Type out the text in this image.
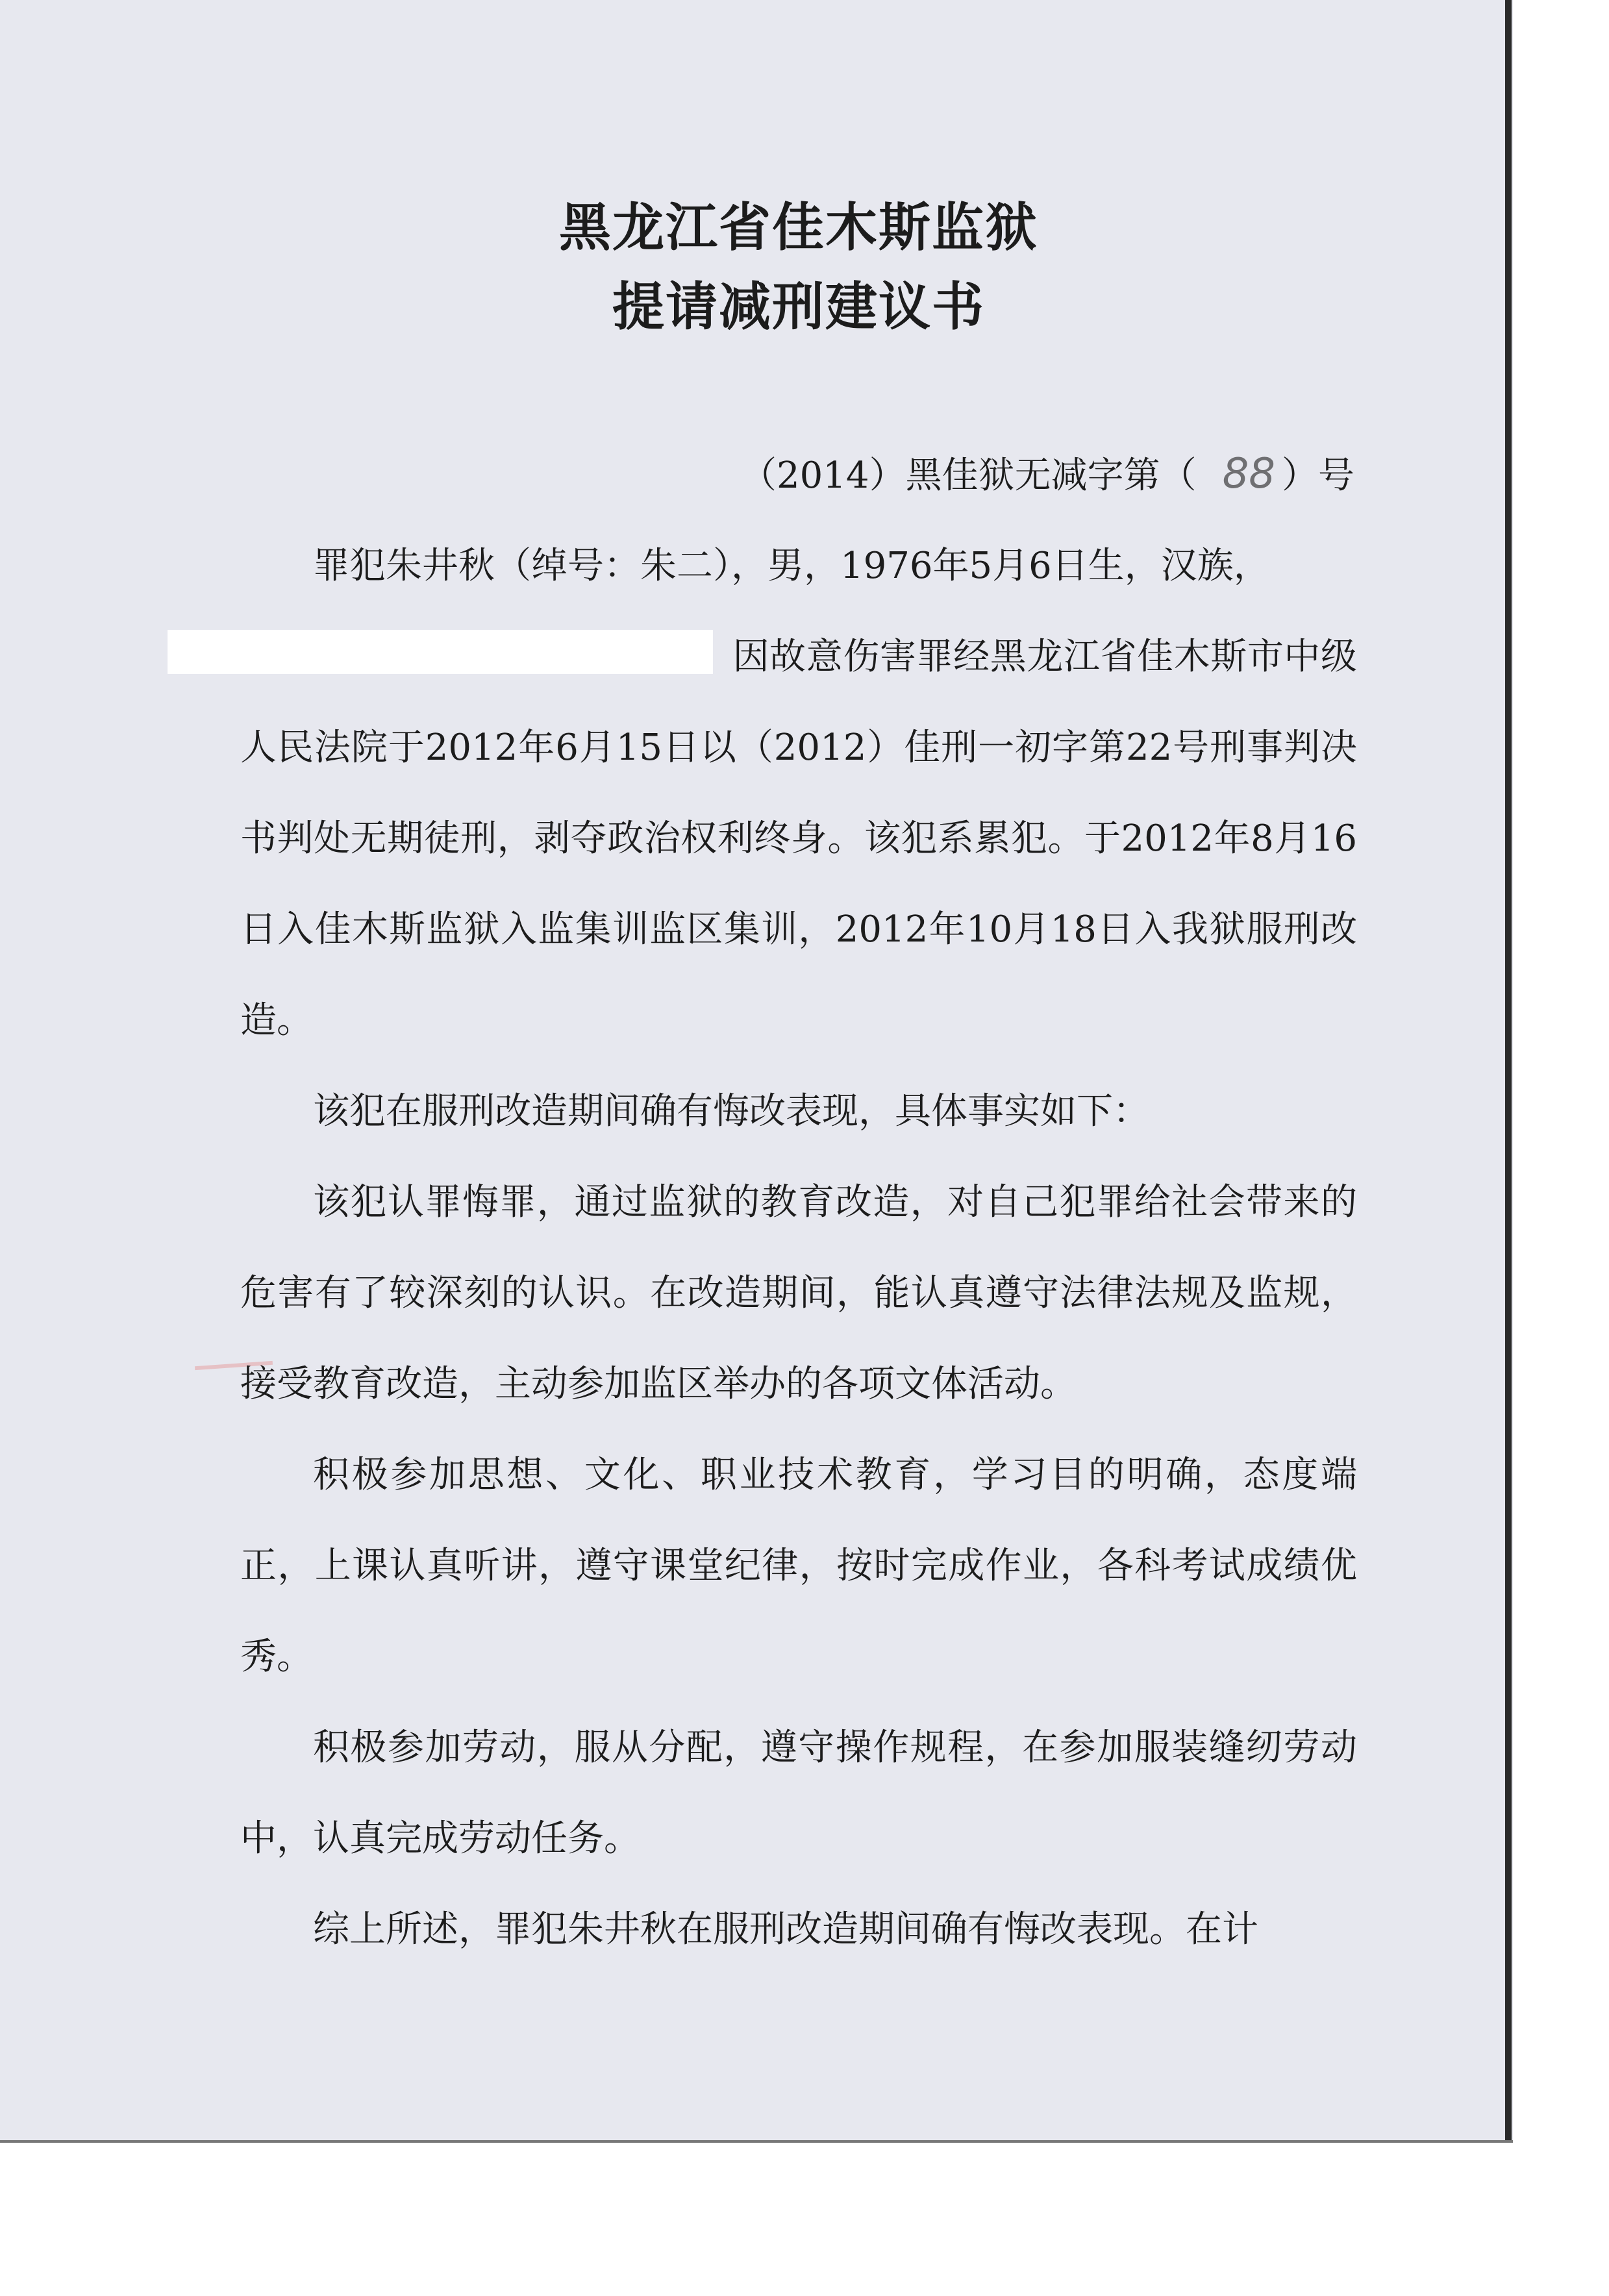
黑龙江省佳木斯监狱
提请减刑建议书
（2014）黑佳狱无减字第（ 88 ）号

罪犯朱井秋（绰号：朱二），男，1976年5月6日生，汉族，
因故意伤害罪经黑龙江省佳木斯市中级人民法院于2012年6月15日以（2012）佳刑一初字第22号刑事判决书判处无期徒刑，剥夺政治权利终身。该犯系累犯。于2012年8月16日入佳木斯监狱入监集训监区集训，2012年10月18日入我狱服刑改造。

该犯在服刑改造期间确有悔改表现，具体事实如下：

该犯认罪悔罪，通过监狱的教育改造，对自己犯罪给社会带来的危害有了较深刻的认识。在改造期间，能认真遵守法律法规及监规，接受教育改造，主动参加监区举办的各项文体活动。

积极参加思想、文化、职业技术教育，学习目的明确，态度端正，上课认真听讲，遵守课堂纪律，按时完成作业，各科考试成绩优秀。

积极参加劳动，服从分配，遵守操作规程，在参加服装缝纫劳动中，认真完成劳动任务。

综上所述，罪犯朱井秋在服刑改造期间确有悔改表现。在计
